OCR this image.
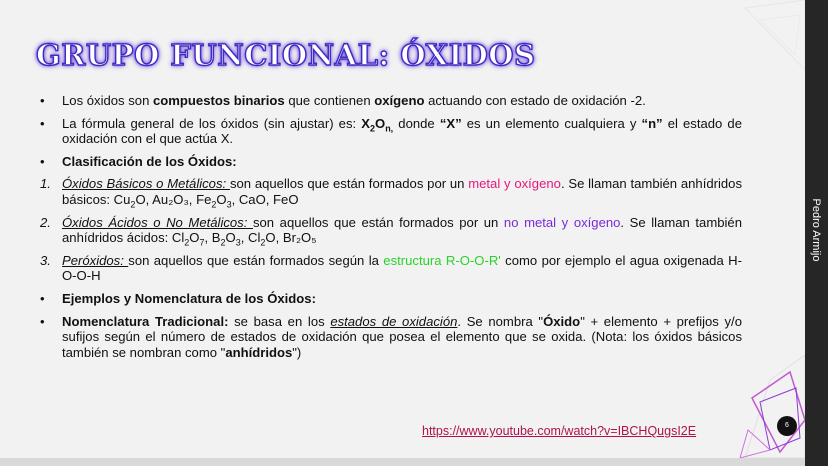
GRUPO FUNCIONAL: ÓXIDOS
•	Los óxidos son compuestos binarios que contienen oxígeno actuando con estado de oxidación -2.
•	La fórmula general de los óxidos (sin ajustar) es: $X_2O_{n,}$ donde “X” es un elemento cualquiera y “n” el estado de oxidación con el que actúa X.
•	Clasificación de los Óxidos:
1. Óxidos Básicos o Metálicos: son aquellos que están formados por un metal y oxígeno. Se llaman también anhídridos básicos: $Cu_2O$, Au₂O₃, $Fe_2O_3$, CaO, FeO
2. Óxidos Ácidos o No Metálicos: son aquellos que están formados por un no metal y oxígeno. Se llaman también anhídridos ácidos: $Cl_2O_7$, $B_2O_3$, $Cl_2O$, Br₂O₅
3. Peróxidos: son aquellos que están formados según la estructura R-O-O-R' como por ejemplo el agua oxigenada H-O-O-H
•	Ejemplos y Nomenclatura de los Óxidos:
•	Nomenclatura Tradicional: se basa en los estados de oxidación. Se nombra "Óxido" + elemento + prefijos y/o sufijos según el número de estados de oxidación que posea el elemento que se oxida. (Nota: los óxidos básicos también se nombran como "anhídridos")
https://www.youtube.com/watch?v=IBCHQugsI2E	6
Pedro Armijo
